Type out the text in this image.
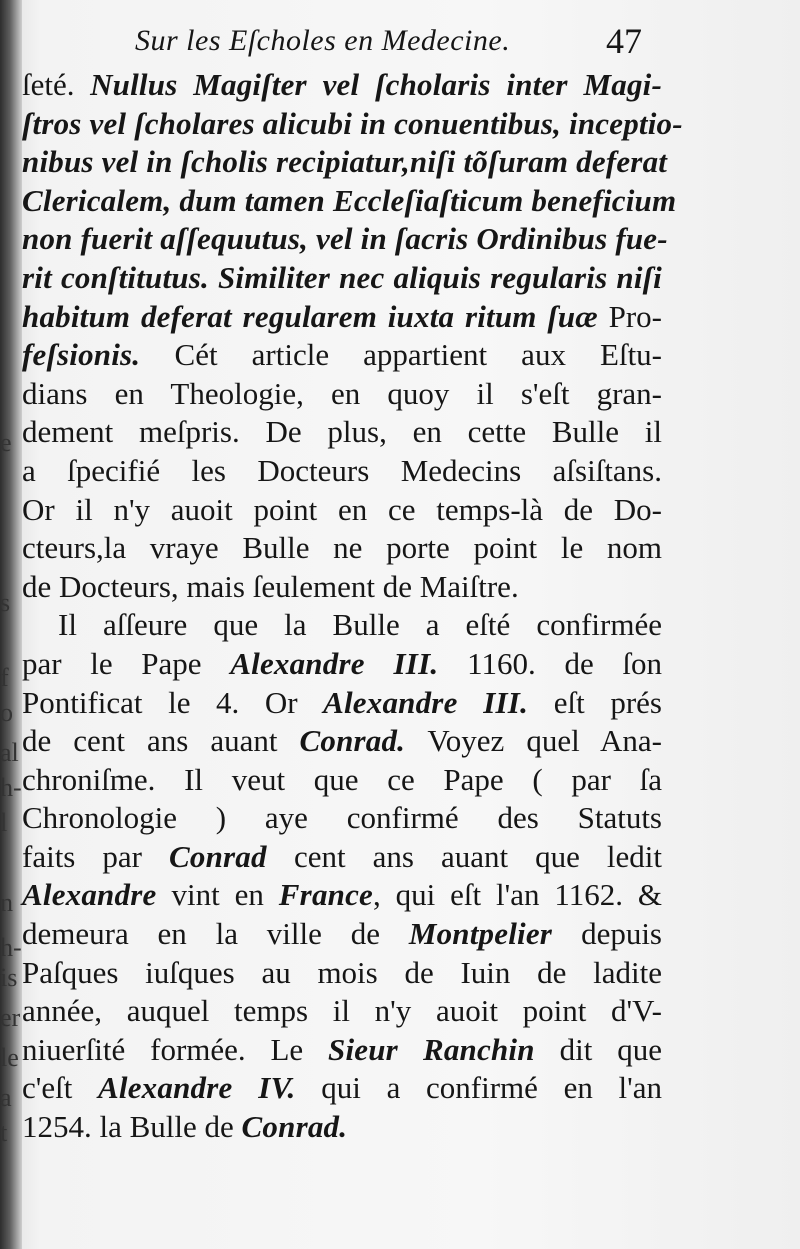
e
s
f
o
al
h-
l
n
h-
is
er
le
a
t
Sur les Eſcholes en Medecine.	47
ſeté. Nullus Magiſter vel ſcholaris inter Magi-
ſtros vel ſcholares alicubi in conuentibus, inceptio-
nibus vel in ſcholis recipiatur,niſi tõſuram deferat
Clericalem, dum tamen Eccleſiaſticum beneficium
non fuerit aſſequutus, vel in ſacris Ordinibus fue-
rit conſtitutus. Similiter nec aliquis regularis niſi
habitum deferat regularem iuxta ritum ſuæ Pro-
feſsionis. Cét article appartient aux Eſtu-
dians en Theologie, en quoy il s'eſt gran-
dement meſpris. De plus, en cette Bulle il
a ſpecifié les Docteurs Medecins aſsiſtans.
Or il n'y auoit point en ce temps-là de Do-
cteurs,la vraye Bulle ne porte point le nom
de Docteurs, mais ſeulement de Maiſtre.
Il aſſeure que la Bulle a eſté confirmée
par le Pape Alexandre III. 1160. de ſon
Pontificat le 4. Or Alexandre III. eſt prés
de cent ans auant Conrad. Voyez quel Ana-
chroniſme. Il veut que ce Pape ( par ſa
Chronologie ) aye confirmé des Statuts
faits par Conrad cent ans auant que ledit
Alexandre vint en France, qui eſt l'an 1162. &
demeura en la ville de Montpelier depuis
Paſques iuſques au mois de Iuin de ladite
année, auquel temps il n'y auoit point d'V-
niuerſité formée. Le Sieur Ranchin dit que
c'eſt Alexandre IV. qui a confirmé en l'an
1254. la Bulle de Conrad.
